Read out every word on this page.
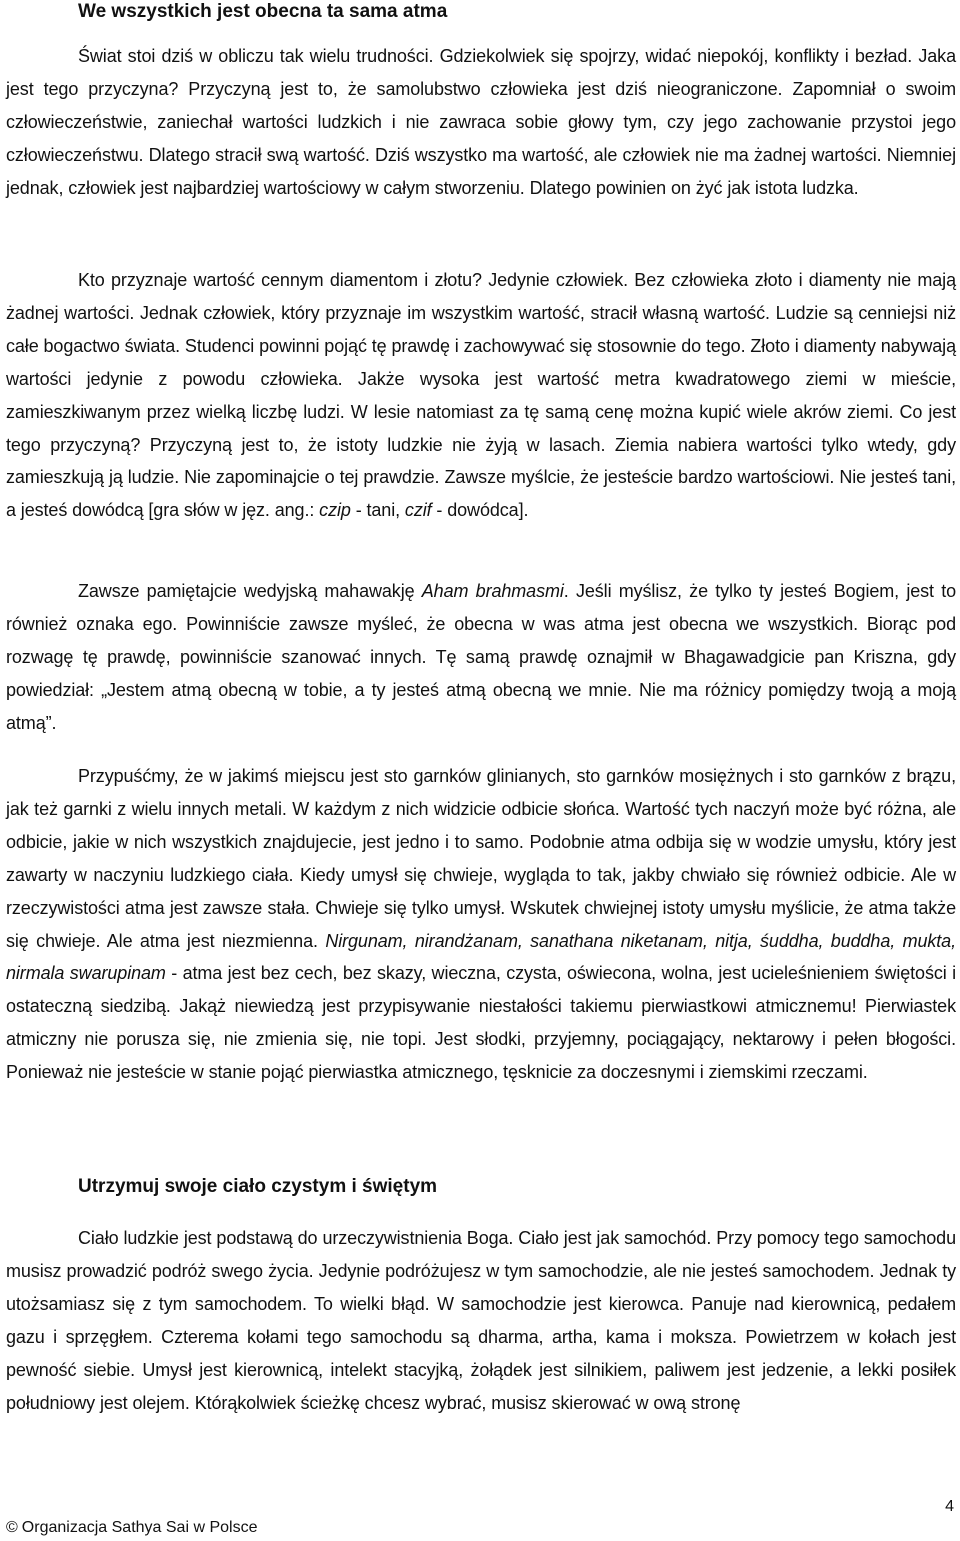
We wszystkich jest obecna ta sama atma

Świat stoi dziś w obliczu tak wielu trudności. Gdziekolwiek się spojrzy, widać niepokój, konflikty i bezład. Jaka jest tego przyczyna? Przyczyną jest to, że samolubstwo człowieka jest dziś nieograniczone. Zapomniał o swoim człowieczeństwie, zaniechał wartości ludzkich i nie zawraca sobie głowy tym, czy jego zachowanie przystoi jego człowieczeństwu. Dlatego stracił swą wartość. Dziś wszystko ma wartość, ale człowiek nie ma żadnej wartości. Niemniej jednak, człowiek jest najbardziej wartościowy w całym stworzeniu. Dlatego powinien on żyć jak istota ludzka.

Kto przyznaje wartość cennym diamentom i złotu? Jedynie człowiek. Bez człowieka złoto i diamenty nie mają żadnej wartości. Jednak człowiek, który przyznaje im wszystkim wartość, stracił własną wartość. Ludzie są cenniejsi niż całe bogactwo świata. Studenci powinni pojąć tę prawdę i zachowywać się stosownie do tego. Złoto i diamenty nabywają wartości jedynie z powodu człowieka. Jakże wysoka jest wartość metra kwadratowego ziemi w mieście, zamieszkiwanym przez wielką liczbę ludzi. W lesie natomiast za tę samą cenę można kupić wiele akrów ziemi. Co jest tego przyczyną? Przyczyną jest to, że istoty ludzkie nie żyją w lasach. Ziemia nabiera wartości tylko wtedy, gdy zamieszkują ją ludzie. Nie zapominajcie o tej prawdzie. Zawsze myślcie, że jesteście bardzo wartościowi. Nie jesteś tani, a jesteś dowódcą [gra słów w jęz. ang.: czip - tani, czif - dowódca].

Zawsze pamiętajcie wedyjską mahawakję Aham brahmasmi. Jeśli myślisz, że tylko ty jesteś Bogiem, jest to również oznaka ego. Powinniście zawsze myśleć, że obecna w was atma jest obecna we wszystkich. Biorąc pod rozwagę tę prawdę, powinniście szanować innych. Tę samą prawdę oznajmił w Bhagawadgicie pan Kriszna, gdy powiedział: „Jestem atmą obecną w tobie, a ty jesteś atmą obecną we mnie. Nie ma różnicy pomiędzy twoją a moją atmą”.

Przypuśćmy, że w jakimś miejscu jest sto garnków glinianych, sto garnków mosiężnych i sto garnków z brązu, jak też garnki z wielu innych metali. W każdym z nich widzicie odbicie słońca. Wartość tych naczyń może być różna, ale odbicie, jakie w nich wszystkich znajdujecie, jest jedno i to samo. Podobnie atma odbija się w wodzie umysłu, który jest zawarty w naczyniu ludzkiego ciała. Kiedy umysł się chwieje, wygląda to tak, jakby chwiało się również odbicie. Ale w rzeczywistości atma jest zawsze stała. Chwieje się tylko umysł. Wskutek chwiejnej istoty umysłu myślicie, że atma także się chwieje. Ale atma jest niezmienna. Nirgunam, nirandżanam, sanathana niketanam, nitja, śuddha, buddha, mukta, nirmala swarupinam - atma jest bez cech, bez skazy, wieczna, czysta, oświecona, wolna, jest ucieleśnieniem świętości i ostateczną siedzibą. Jakąż niewiedzą jest przypisywanie niestałości takiemu pierwiastkowi atmicznemu! Pierwiastek atmiczny nie porusza się, nie zmienia się, nie topi. Jest słodki, przyjemny, pociągający, nektarowy i pełen błogości. Ponieważ nie jesteście w stanie pojąć pierwiastka atmicznego, tęsknicie za doczesnymi i ziemskimi rzeczami.

Utrzymuj swoje ciało czystym i świętym

Ciało ludzkie jest podstawą do urzeczywistnienia Boga. Ciało jest jak samochód. Przy pomocy tego samochodu musisz prowadzić podróż swego życia. Jedynie podróżujesz w tym samochodzie, ale nie jesteś samochodem. Jednak ty utożsamiasz się z tym samochodem. To wielki błąd. W samochodzie jest kierowca. Panuje nad kierownicą, pedałem gazu i sprzęgłem. Czterema kołami tego samochodu są dharma, artha, kama i moksza. Powietrzem w kołach jest pewność siebie. Umysł jest kierownicą, intelekt stacyjką, żołądek jest silnikiem, paliwem jest jedzenie, a lekki posiłek południowy jest olejem. Którąkolwiek ścieżkę chcesz wybrać, musisz skierować w ową stronę

© Organizacja Sathya Sai w Polsce
4
